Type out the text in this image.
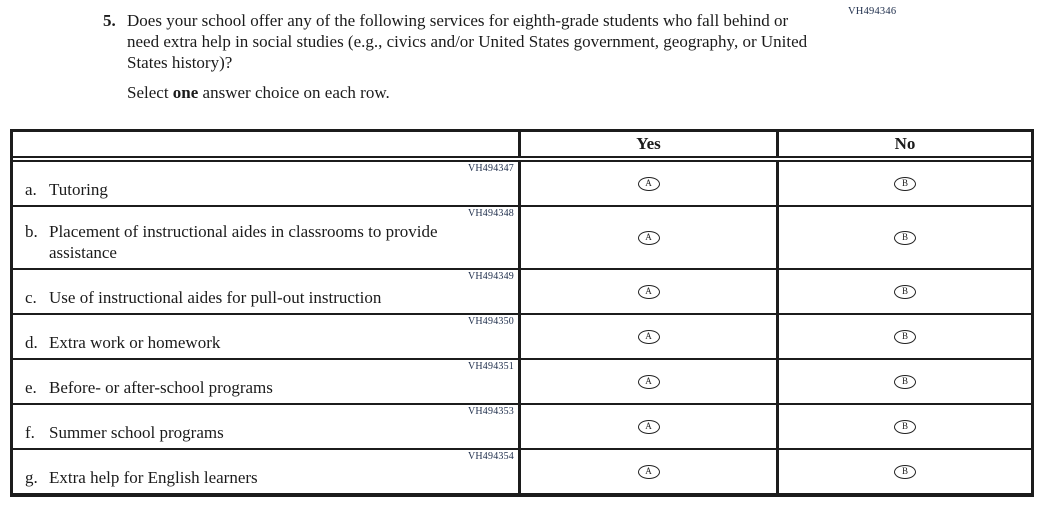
VH494346
5. Does your school offer any of the following services for eighth-grade students who fall behind or need extra help in social studies (e.g., civics and/or United States government, geography, or United States history)?
Select one answer choice on each row.
Yes	No
VH494347
a. Tutoring	A	B
VH494348
b. Placement of instructional aides in classrooms to provide assistance
A	B
VH494349
c. Use of instructional aides for pull-out instruction	A	B
VH494350
d. Extra work or homework	A	B
VH494351
e. Before- or after-school programs	A	B
VH494353
f. Summer school programs	A	B
VH494354
g. Extra help for English learners	A	B
